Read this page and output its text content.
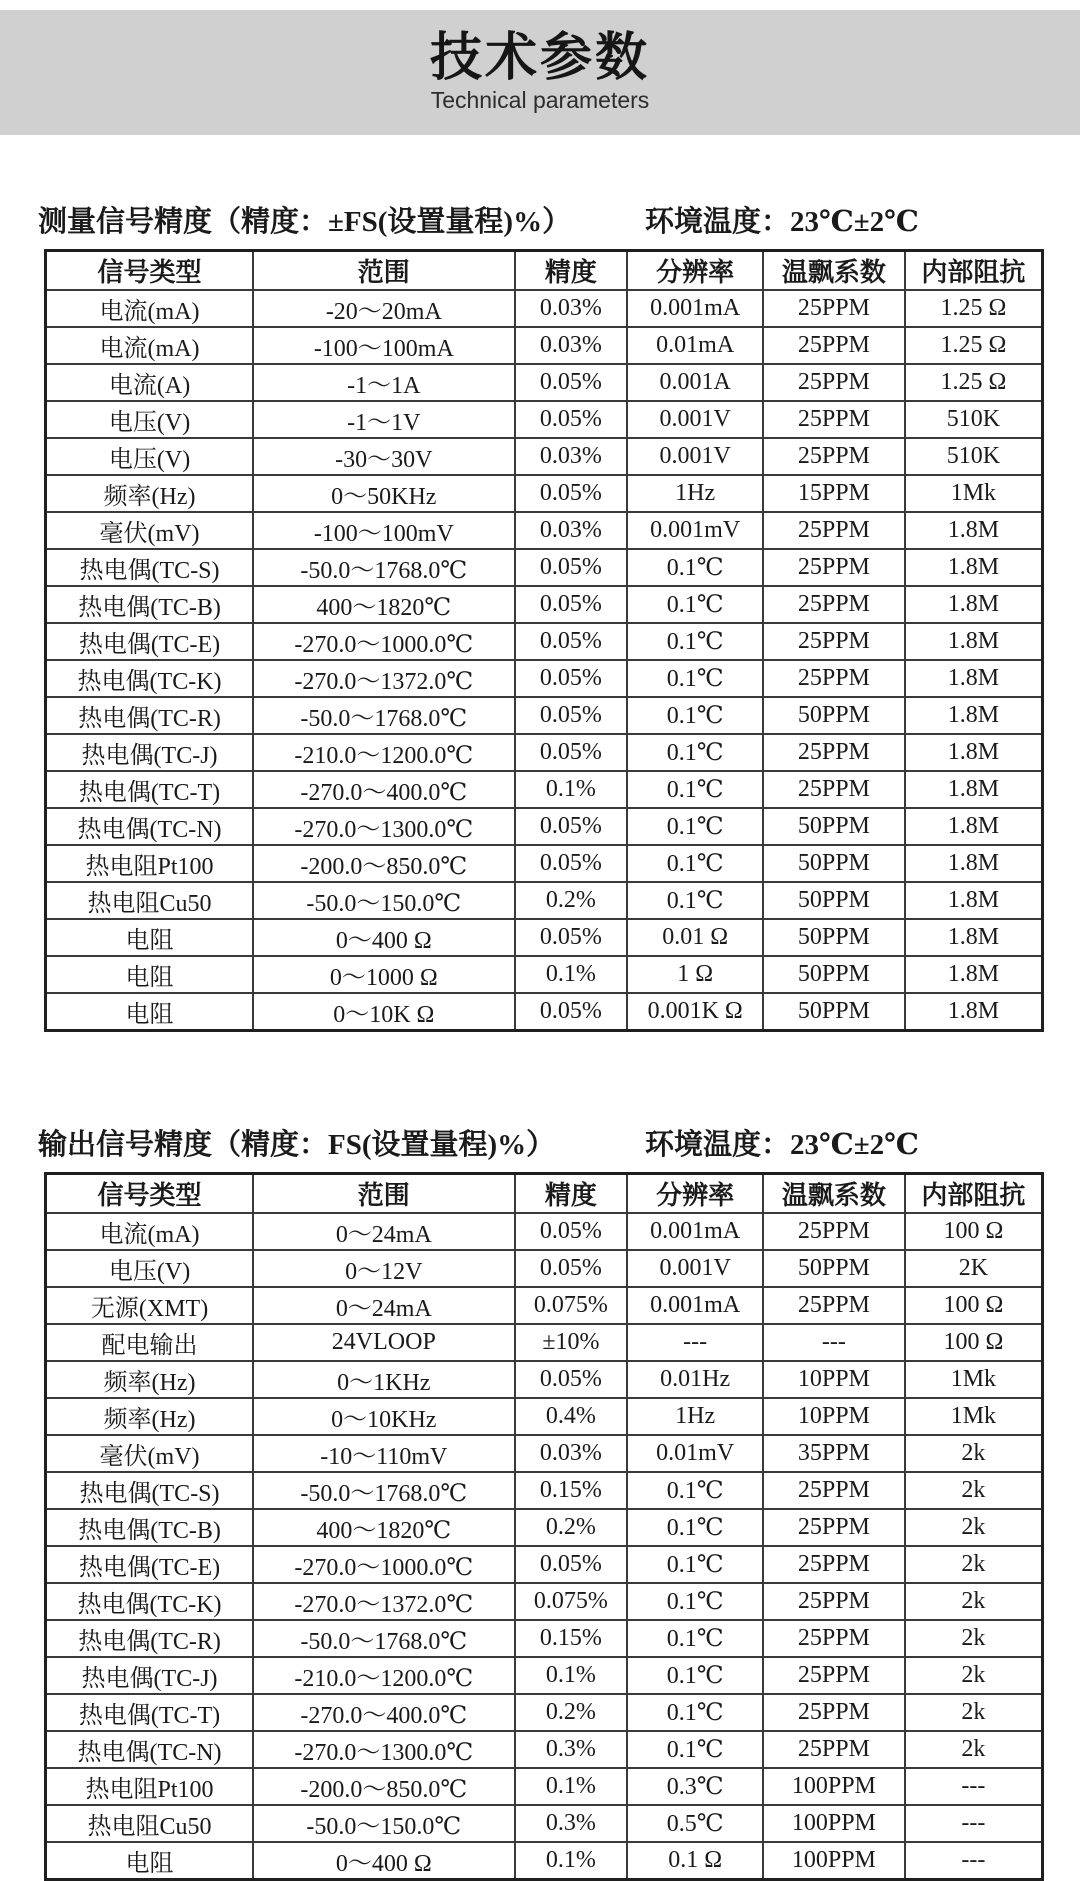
技术参数
Technical parameters
测量信号精度（精度：±FS(设置量程)%）	环境温度：23℃±2℃
信号类型	范围	精度	分辨率	温飘系数	内部阻抗
电流(mA)	-20～20mA	0.03%	0.001mA	25PPM	1.25 Ω
电流(mA)	-100～100mA	0.03%	0.01mA	25PPM	1.25 Ω
电流(A)	-1～1A	0.05%	0.001A	25PPM	1.25 Ω
电压(V)	-1～1V	0.05%	0.001V	25PPM	510K
电压(V)	-30～30V	0.03%	0.001V	25PPM	510K
频率(Hz)	0～50KHz	0.05%	1Hz	15PPM	1Mk
毫伏(mV)	-100～100mV	0.03%	0.001mV	25PPM	1.8M
热电偶(TC-S)	-50.0～1768.0℃	0.05%	0.1℃	25PPM	1.8M
热电偶(TC-B)	400～1820℃	0.05%	0.1℃	25PPM	1.8M
热电偶(TC-E)	-270.0～1000.0℃	0.05%	0.1℃	25PPM	1.8M
热电偶(TC-K)	-270.0～1372.0℃	0.05%	0.1℃	25PPM	1.8M
热电偶(TC-R)	-50.0～1768.0℃	0.05%	0.1℃	50PPM	1.8M
热电偶(TC-J)	-210.0～1200.0℃	0.05%	0.1℃	25PPM	1.8M
热电偶(TC-T)	-270.0～400.0℃	0.1%	0.1℃	25PPM	1.8M
热电偶(TC-N)	-270.0～1300.0℃	0.05%	0.1℃	50PPM	1.8M
热电阻Pt100	-200.0～850.0℃	0.05%	0.1℃	50PPM	1.8M
热电阻Cu50	-50.0～150.0℃	0.2%	0.1℃	50PPM	1.8M
电阻	0～400 Ω	0.05%	0.01 Ω	50PPM	1.8M
电阻	0～1000 Ω	0.1%	1 Ω	50PPM	1.8M
电阻	0～10K Ω	0.05%	0.001K Ω	50PPM	1.8M
输出信号精度（精度：FS(设置量程)%）	环境温度：23℃±2℃
信号类型	范围	精度	分辨率	温飘系数	内部阻抗
电流(mA)	0～24mA	0.05%	0.001mA	25PPM	100 Ω
电压(V)	0～12V	0.05%	0.001V	50PPM	2K
无源(XMT)	0～24mA	0.075%	0.001mA	25PPM	100 Ω
配电输出	24VLOOP	±10%	---	---	100 Ω
频率(Hz)	0～1KHz	0.05%	0.01Hz	10PPM	1Mk
频率(Hz)	0～10KHz	0.4%	1Hz	10PPM	1Mk
毫伏(mV)	-10～110mV	0.03%	0.01mV	35PPM	2k
热电偶(TC-S)	-50.0～1768.0℃	0.15%	0.1℃	25PPM	2k
热电偶(TC-B)	400～1820℃	0.2%	0.1℃	25PPM	2k
热电偶(TC-E)	-270.0～1000.0℃	0.05%	0.1℃	25PPM	2k
热电偶(TC-K)	-270.0～1372.0℃	0.075%	0.1℃	25PPM	2k
热电偶(TC-R)	-50.0～1768.0℃	0.15%	0.1℃	25PPM	2k
热电偶(TC-J)	-210.0～1200.0℃	0.1%	0.1℃	25PPM	2k
热电偶(TC-T)	-270.0～400.0℃	0.2%	0.1℃	25PPM	2k
热电偶(TC-N)	-270.0～1300.0℃	0.3%	0.1℃	25PPM	2k
热电阻Pt100	-200.0～850.0℃	0.1%	0.3℃	100PPM	---
热电阻Cu50	-50.0～150.0℃	0.3%	0.5℃	100PPM	---
电阻	0～400 Ω	0.1%	0.1 Ω	100PPM	---
